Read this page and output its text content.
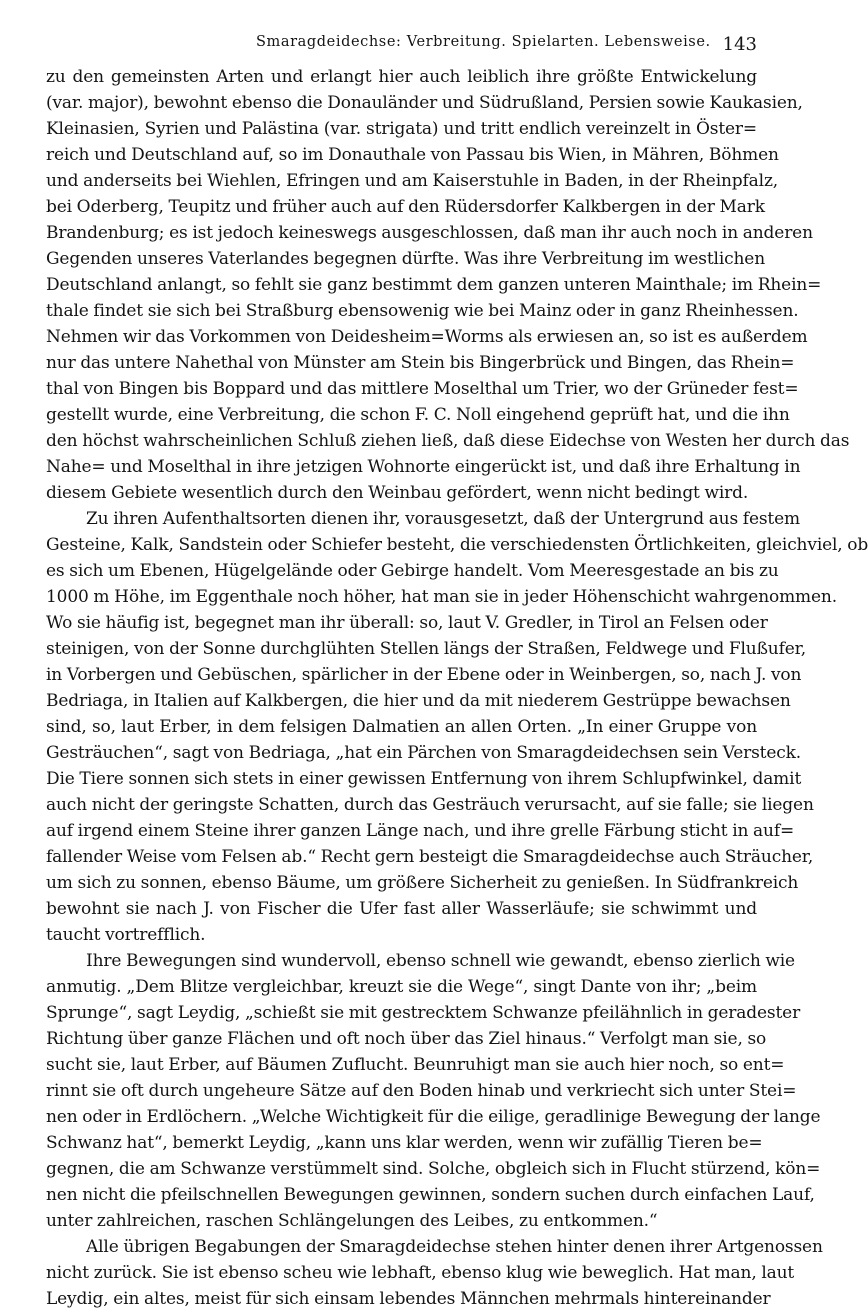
Smaragdeidechse: Verbreitung. Spielarten. Lebensweise. 143
zu den gemeinsten Arten und erlangt hier auch leiblich ihre größte Entwickelung
(var. major), bewohnt ebenso die Donauländer und Südrußland, Persien sowie Kaukasien,
Kleinasien, Syrien und Palästina (var. strigata) und tritt endlich vereinzelt in Öster=
reich und Deutschland auf, so im Donauthale von Passau bis Wien, in Mähren, Böhmen
und anderseits bei Wiehlen, Efringen und am Kaiserstuhle in Baden, in der Rheinpfalz,
bei Oderberg, Teupitz und früher auch auf den Rüdersdorfer Kalkbergen in der Mark
Brandenburg; es ist jedoch keineswegs ausgeschlossen, daß man ihr auch noch in anderen
Gegenden unseres Vaterlandes begegnen dürfte. Was ihre Verbreitung im westlichen
Deutschland anlangt, so fehlt sie ganz bestimmt dem ganzen unteren Mainthale; im Rhein=
thale findet sie sich bei Straßburg ebensowenig wie bei Mainz oder in ganz Rheinhessen.
Nehmen wir das Vorkommen von Deidesheim=Worms als erwiesen an, so ist es außerdem
nur das untere Nahethal von Münster am Stein bis Bingerbrück und Bingen, das Rhein=
thal von Bingen bis Boppard und das mittlere Moselthal um Trier, wo der Grüneder fest=
gestellt wurde, eine Verbreitung, die schon F. C. Noll eingehend geprüft hat, und die ihn
den höchst wahrscheinlichen Schluß ziehen ließ, daß diese Eidechse von Westen her durch das
Nahe= und Moselthal in ihre jetzigen Wohnorte eingerückt ist, und daß ihre Erhaltung in
diesem Gebiete wesentlich durch den Weinbau gefördert, wenn nicht bedingt wird.
Zu ihren Aufenthaltsorten dienen ihr, vorausgesetzt, daß der Untergrund aus festem
Gesteine, Kalk, Sandstein oder Schiefer besteht, die verschiedensten Örtlichkeiten, gleichviel, ob
es sich um Ebenen, Hügelgelände oder Gebirge handelt. Vom Meeresgestade an bis zu
1000 m Höhe, im Eggenthale noch höher, hat man sie in jeder Höhenschicht wahrgenommen.
Wo sie häufig ist, begegnet man ihr überall: so, laut V. Gredler, in Tirol an Felsen oder
steinigen, von der Sonne durchglühten Stellen längs der Straßen, Feldwege und Flußufer,
in Vorbergen und Gebüschen, spärlicher in der Ebene oder in Weinbergen, so, nach J. von
Bedriaga, in Italien auf Kalkbergen, die hier und da mit niederem Gestrüppe bewachsen
sind, so, laut Erber, in dem felsigen Dalmatien an allen Orten. „In einer Gruppe von
Gesträuchen“, sagt von Bedriaga, „hat ein Pärchen von Smaragdeidechsen sein Versteck.
Die Tiere sonnen sich stets in einer gewissen Entfernung von ihrem Schlupfwinkel, damit
auch nicht der geringste Schatten, durch das Gesträuch verursacht, auf sie falle; sie liegen
auf irgend einem Steine ihrer ganzen Länge nach, und ihre grelle Färbung sticht in auf=
fallender Weise vom Felsen ab.“ Recht gern besteigt die Smaragdeidechse auch Sträucher,
um sich zu sonnen, ebenso Bäume, um größere Sicherheit zu genießen. In Südfrankreich
bewohnt sie nach J. von Fischer die Ufer fast aller Wasserläufe; sie schwimmt und
taucht vortrefflich.
Ihre Bewegungen sind wundervoll, ebenso schnell wie gewandt, ebenso zierlich wie
anmutig. „Dem Blitze vergleichbar, kreuzt sie die Wege“, singt Dante von ihr; „beim
Sprunge“, sagt Leydig, „schießt sie mit gestrecktem Schwanze pfeilähnlich in geradester
Richtung über ganze Flächen und oft noch über das Ziel hinaus.“ Verfolgt man sie, so
sucht sie, laut Erber, auf Bäumen Zuflucht. Beunruhigt man sie auch hier noch, so ent=
rinnt sie oft durch ungeheure Sätze auf den Boden hinab und verkriecht sich unter Stei=
nen oder in Erdlöchern. „Welche Wichtigkeit für die eilige, geradlinige Bewegung der lange
Schwanz hat“, bemerkt Leydig, „kann uns klar werden, wenn wir zufällig Tieren be=
gegnen, die am Schwanze verstümmelt sind. Solche, obgleich sich in Flucht stürzend, kön=
nen nicht die pfeilschnellen Bewegungen gewinnen, sondern suchen durch einfachen Lauf,
unter zahlreichen, raschen Schlängelungen des Leibes, zu entkommen.“
Alle übrigen Begabungen der Smaragdeidechse stehen hinter denen ihrer Artgenossen
nicht zurück. Sie ist ebenso scheu wie lebhaft, ebenso klug wie beweglich. Hat man, laut
Leydig, ein altes, meist für sich einsam lebendes Männchen mehrmals hintereinander
